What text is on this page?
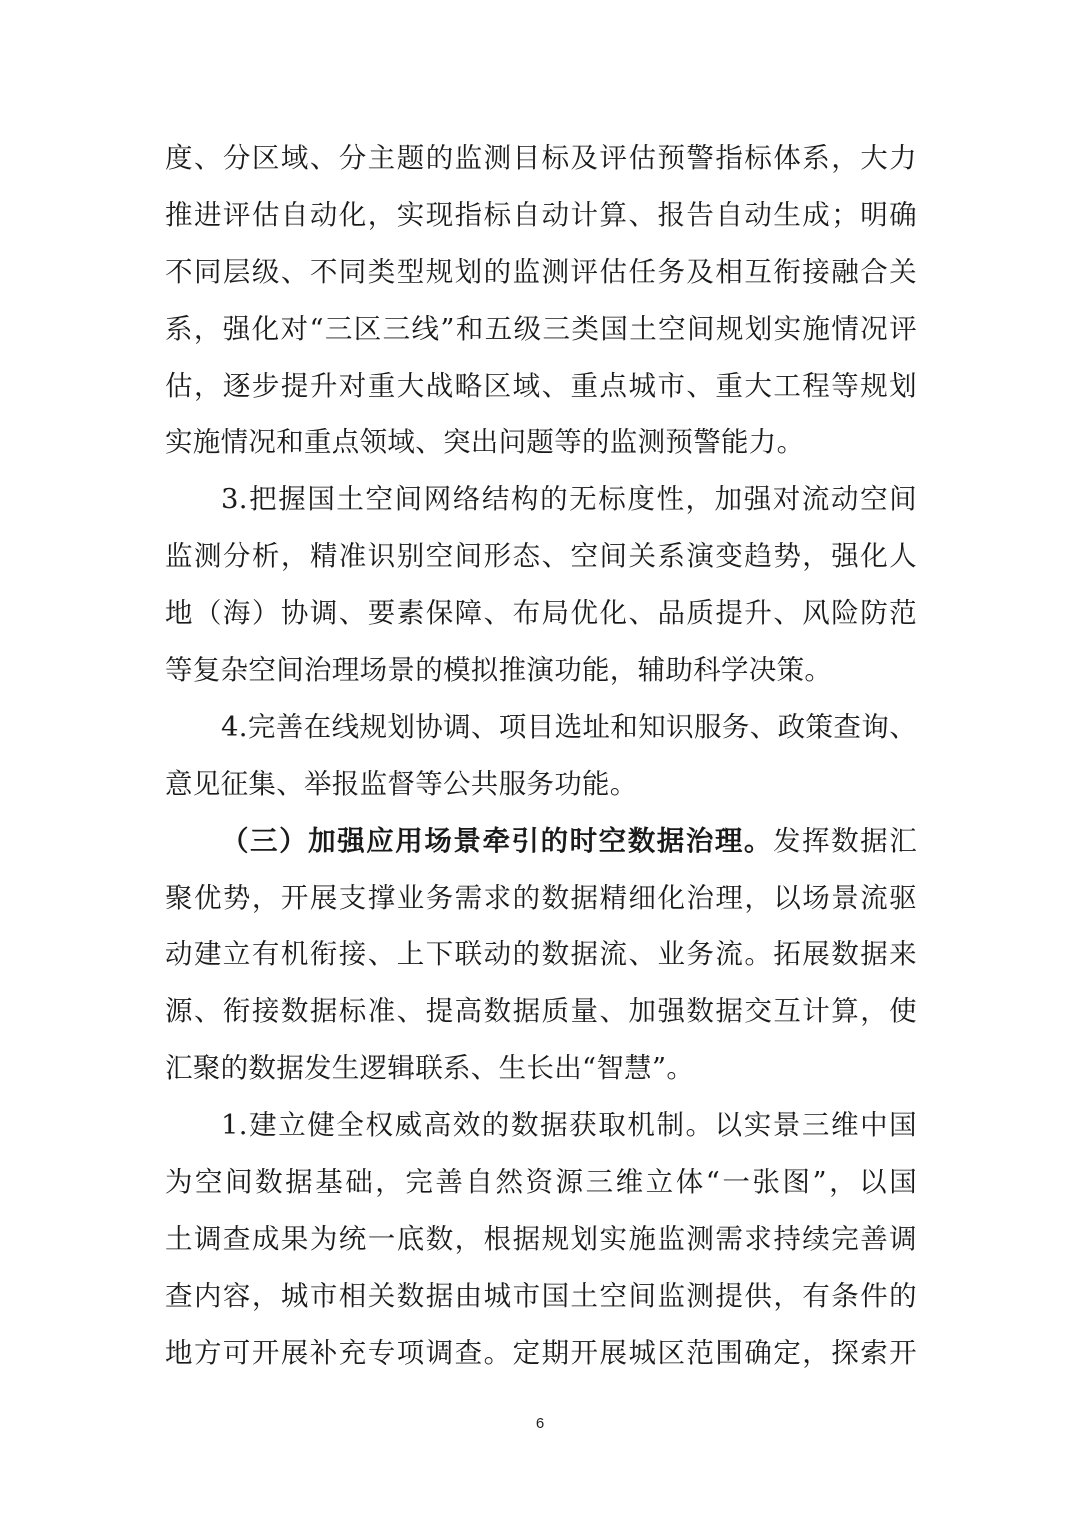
度、分区域、分主题的监测目标及评估预警指标体系，大力
推进评估自动化，实现指标自动计算、报告自动生成；明确
不同层级、不同类型规划的监测评估任务及相互衔接融合关
系，强化对“三区三线”和五级三类国土空间规划实施情况评
估，逐步提升对重大战略区域、重点城市、重大工程等规划
实施情况和重点领域、突出问题等的监测预警能力。
3.把握国土空间网络结构的无标度性，加强对流动空间
监测分析，精准识别空间形态、空间关系演变趋势，强化人
地（海）协调、要素保障、布局优化、品质提升、风险防范
等复杂空间治理场景的模拟推演功能，辅助科学决策。
4.完善在线规划协调、项目选址和知识服务、政策查询、
意见征集、举报监督等公共服务功能。
（三）加强应用场景牵引的时空数据治理。发挥数据汇
聚优势，开展支撑业务需求的数据精细化治理，以场景流驱
动建立有机衔接、上下联动的数据流、业务流。拓展数据来
源、衔接数据标准、提高数据质量、加强数据交互计算，使
汇聚的数据发生逻辑联系、生长出“智慧”。
1.建立健全权威高效的数据获取机制。以实景三维中国
为空间数据基础，完善自然资源三维立体“一张图”，以国
土调查成果为统一底数，根据规划实施监测需求持续完善调
查内容，城市相关数据由城市国土空间监测提供，有条件的
地方可开展补充专项调查。定期开展城区范围确定，探索开
6
